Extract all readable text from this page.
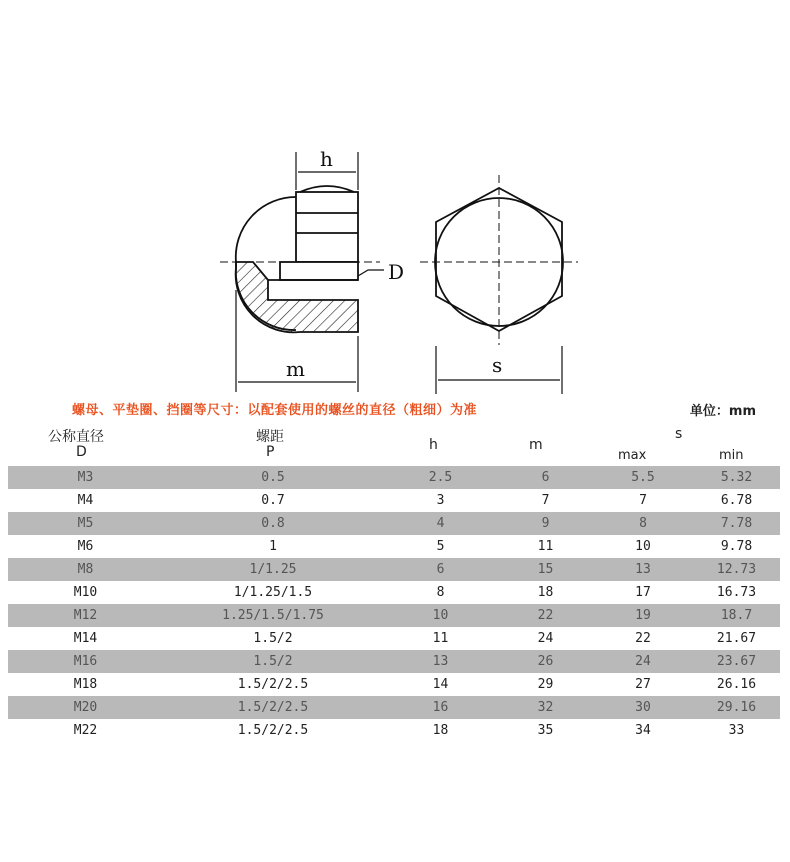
h
D
m	s
螺母、平垫圈、挡圈等尺寸：以配套使用的螺丝的直径（粗细）为准	单位：mm
公称直径
D
螺距
P	h	m
s
max	min
M3	0.5	2.5	6	5.5	5.32
M4	0.7	3	7	7	6.78
M5	0.8	4	9	8	7.78
M6	1	5	11	10	9.78
M8	1/1.25	6	15	13	12.73
M10	1/1.25/1.5	8	18	17	16.73
M12	1.25/1.5/1.75	10	22	19	18.7
M14	1.5/2	11	24	22	21.67
M16	1.5/2	13	26	24	23.67
M18	1.5/2/2.5	14	29	27	26.16
M20	1.5/2/2.5	16	32	30	29.16
M22	1.5/2/2.5	18	35	34	33
